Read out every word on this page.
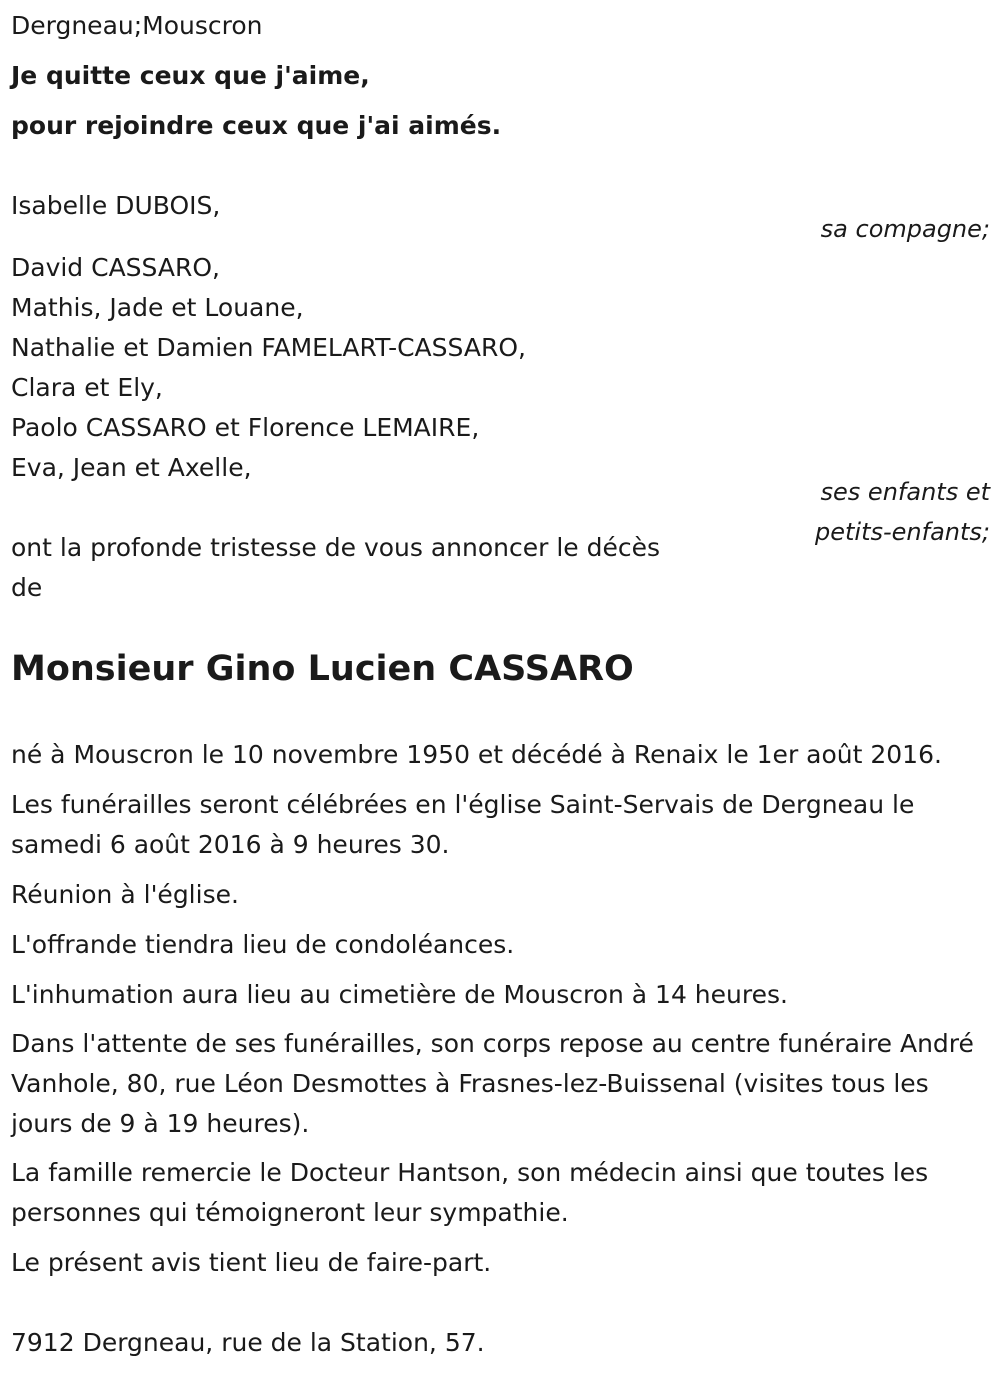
Dergneau;Mouscron
Je quitte ceux que j'aime,
pour rejoindre ceux que j'ai aimés.
Isabelle DUBOIS,
sa compagne;
David CASSARO,
Mathis, Jade et Louane,
Nathalie et Damien FAMELART-CASSARO,
Clara et Ely,
Paolo CASSARO et Florence LEMAIRE,
Eva, Jean et Axelle,
ses enfants et
petits-enfants;
ont la profonde tristesse de vous annoncer le décès
de
Monsieur Gino Lucien CASSARO
né à Mouscron le 10 novembre 1950 et décédé à Renaix le 1er août 2016.
Les funérailles seront célébrées en l'église Saint-Servais de Dergneau le samedi 6 août 2016 à 9 heures 30.
Réunion à l'église.
L'offrande tiendra lieu de condoléances.
L'inhumation aura lieu au cimetière de Mouscron à 14 heures.
Dans l'attente de ses funérailles, son corps repose au centre funéraire André Vanhole, 80, rue Léon Desmottes à Frasnes-lez-Buissenal (visites tous les jours de 9 à 19 heures).
La famille remercie le Docteur Hantson, son médecin ainsi que toutes les personnes qui témoigneront leur sympathie.
Le présent avis tient lieu de faire-part.
7912 Dergneau, rue de la Station, 57.
